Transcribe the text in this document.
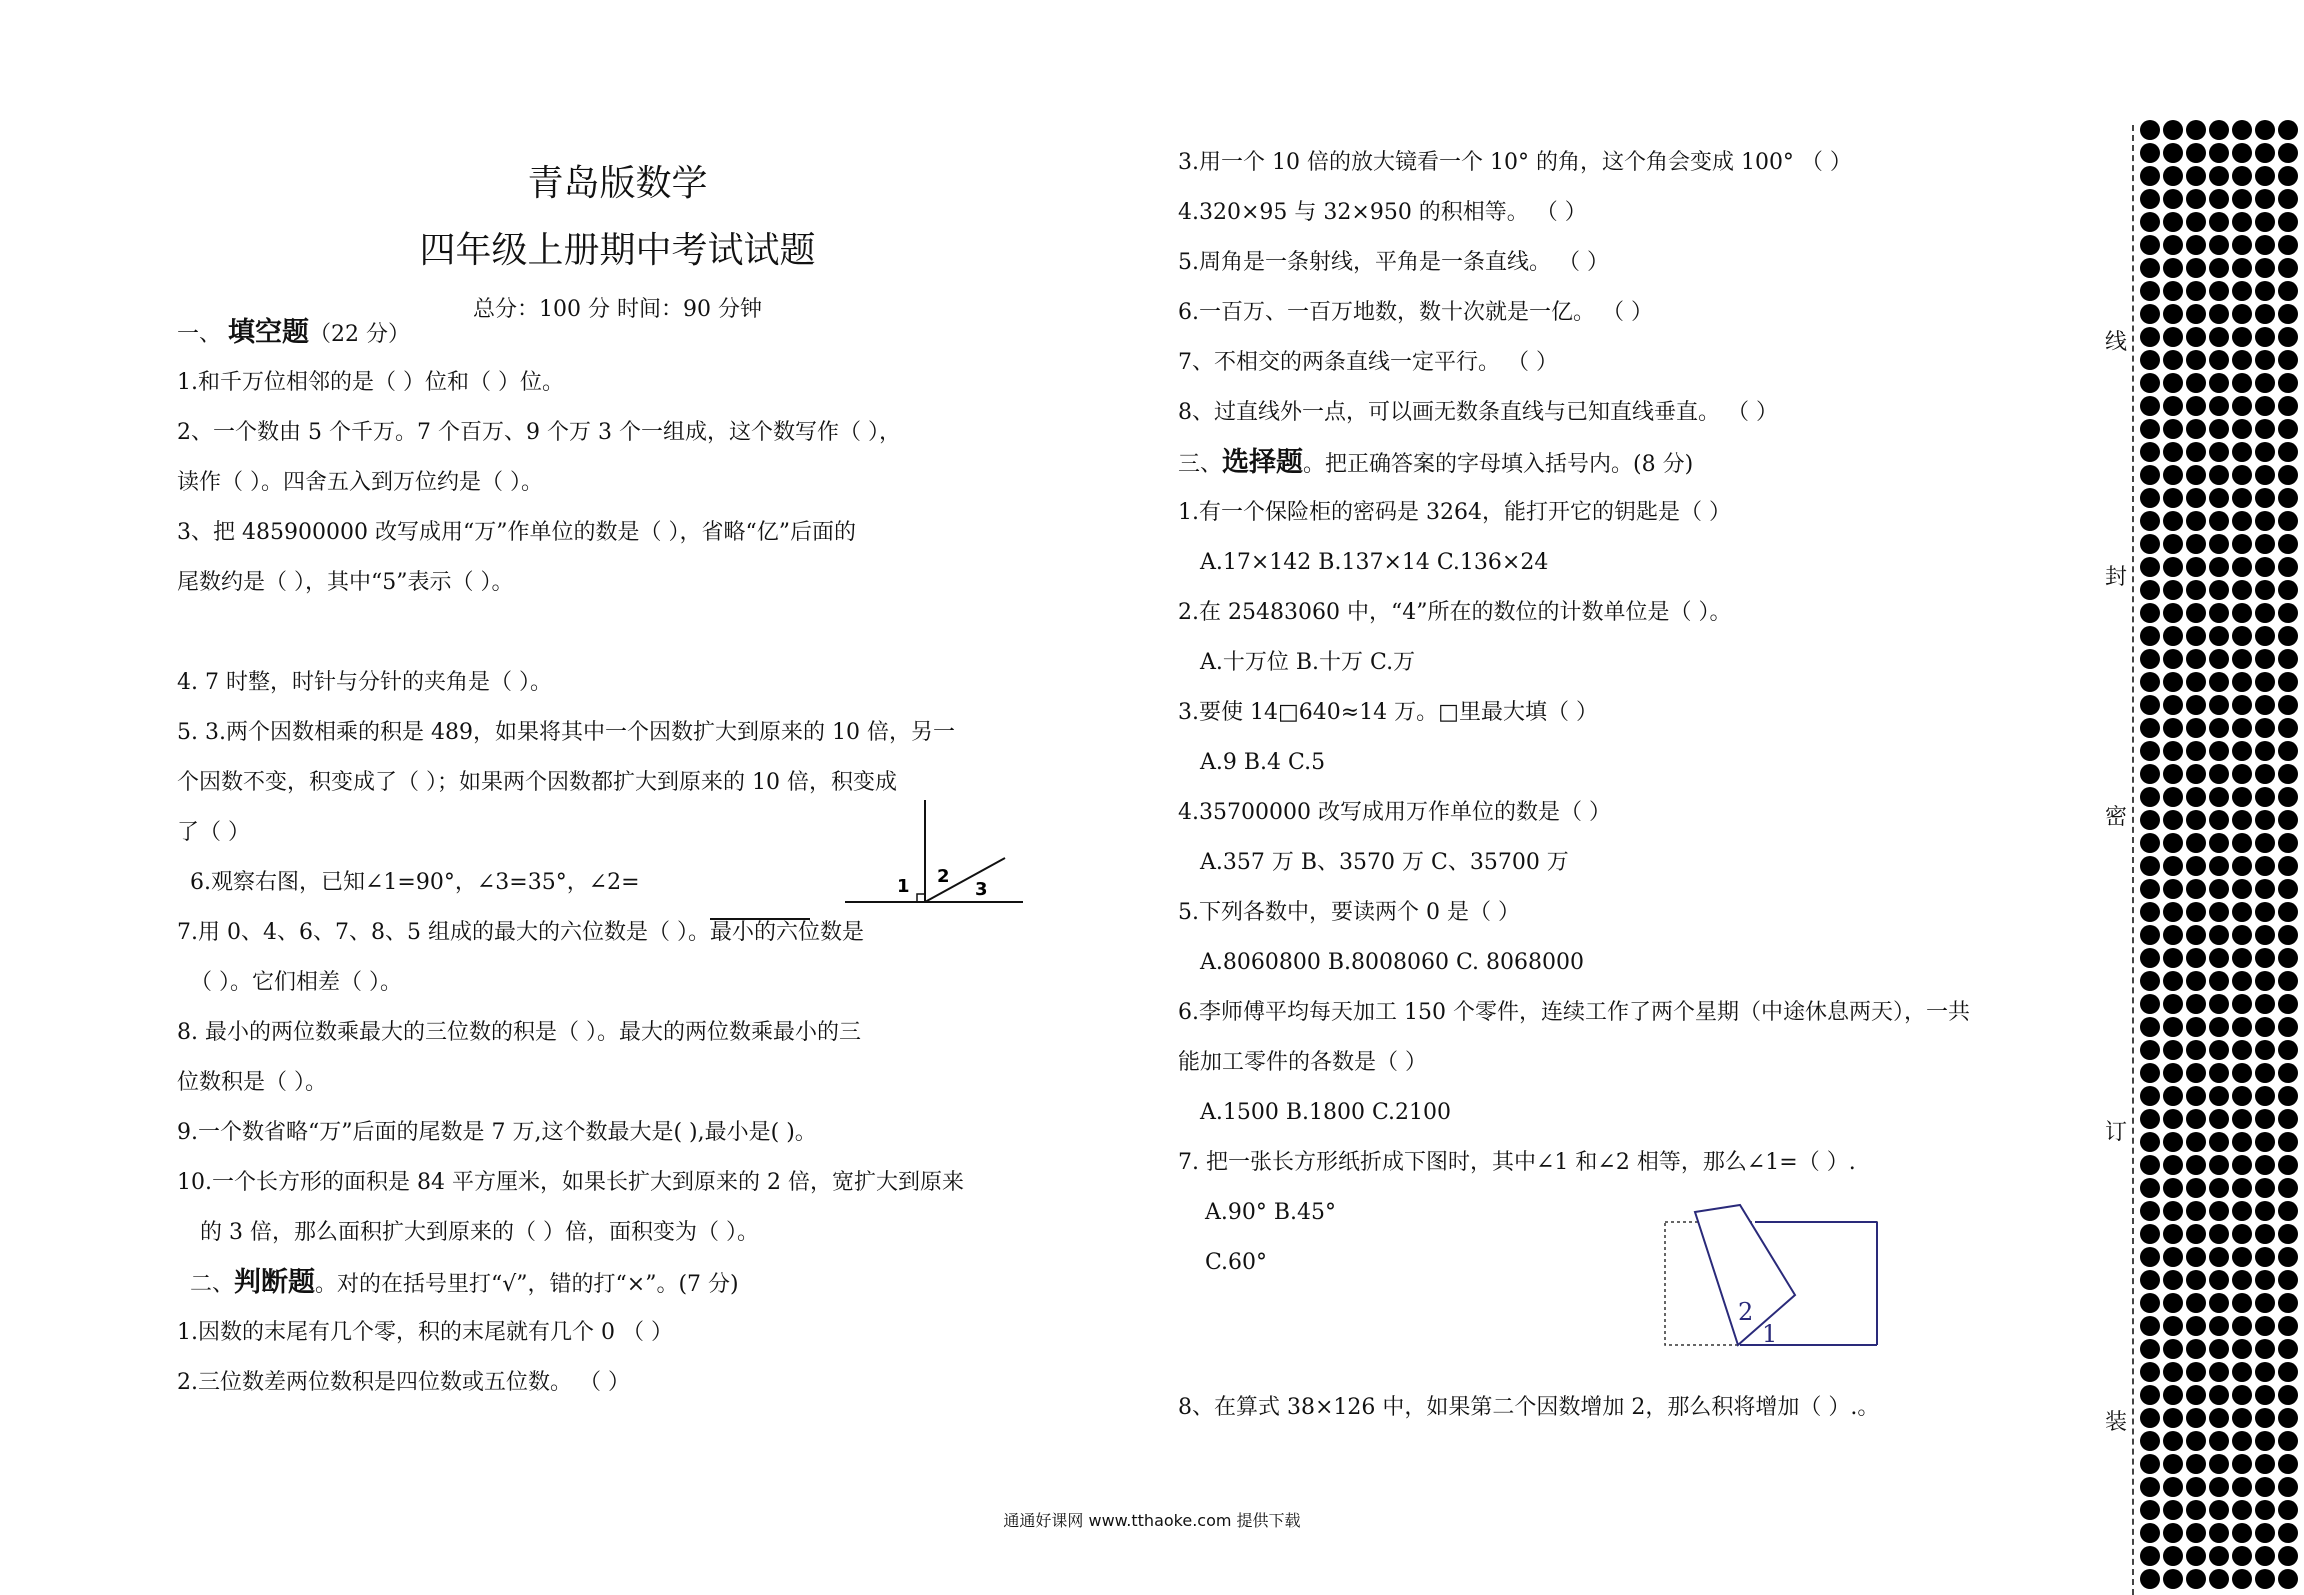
青岛版数学
四年级上册期中考试试题
总分：100 分 时间：90 分钟
一、 填空题（22 分）
1.和千万位相邻的是（ ）位和（ ）位。
2、一个数由 5 个千万。7 个百万、9 个万 3 个一组成，这个数写作（ ），
读作（ ）。四舍五入到万位约是（ ）。
3、把 485900000 改写成用“万”作单位的数是（ ），省略“亿”后面的
尾数约是（ ），其中“5”表示（ ）。
4. 7 时整，时针与分针的夹角是（ ）。
5. 3.两个因数相乘的积是 489，如果将其中一个因数扩大到原来的 10 倍，另一
个因数不变，积变成了（ ）；如果两个因数都扩大到原来的 10 倍，积变成
了（ ）
6.观察右图，已知∠1=90°，∠3=35°，∠2=
7.用 0、4、6、7、8、5 组成的最大的六位数是（ ）。最小的六位数是
（ ）。它们相差（ ）。
8. 最小的两位数乘最大的三位数的积是（ ）。最大的两位数乘最小的三
位数积是（ ）。
9.一个数省略“万”后面的尾数是 7 万,这个数最大是( ),最小是( )。
10.一个长方形的面积是 84 平方厘米，如果长扩大到原来的 2 倍，宽扩大到原来
的 3 倍，那么面积扩大到原来的（ ）倍，面积变为（ ）。
二、判断题。对的在括号里打“√”，错的打“×”。(7 分)
1.因数的末尾有几个零，积的末尾就有几个 0 （ ）
2.三位数差两位数积是四位数或五位数。 （ ）
3.用一个 10 倍的放大镜看一个 10° 的角，这个角会变成 100° （ ）
4.320×95 与 32×950 的积相等。 （ ）
5.周角是一条射线，平角是一条直线。 （ ）
6.一百万、一百万地数，数十次就是一亿。 （ ）
7、不相交的两条直线一定平行。 （ ）
8、过直线外一点，可以画无数条直线与已知直线垂直。 （ ）
三、选择题。把正确答案的字母填入括号内。(8 分)
1.有一个保险柜的密码是 3264，能打开它的钥匙是（ ）
A.17×142 B.137×14 C.136×24
2.在 25483060 中，“4”所在的数位的计数单位是（ ）。
A.十万位 B.十万 C.万
3.要使 14□640≈14 万。□里最大填（ ）
A.9 B.4 C.5
4.35700000 改写成用万作单位的数是（ ）
A.357 万 B、3570 万 C、35700 万
5.下列各数中，要读两个 0 是（ ）
A.8060800 B.8008060 C. 8068000
6.李师傅平均每天加工 150 个零件，连续工作了两个星期（中途休息两天），一共
能加工零件的各数是（ ）
A.1500 B.1800 C.2100
7. 把一张长方形纸折成下图时，其中∠1 和∠2 相等，那么∠1=（ ）.
A.90° B.45°
C.60°
8、在算式 38×126 中，如果第二个因数增加 2，那么积将增加（ ）.。
1 2
3
2
1
线
封
密
订
装
通通好课网 www.tthaoke.com 提供下载
